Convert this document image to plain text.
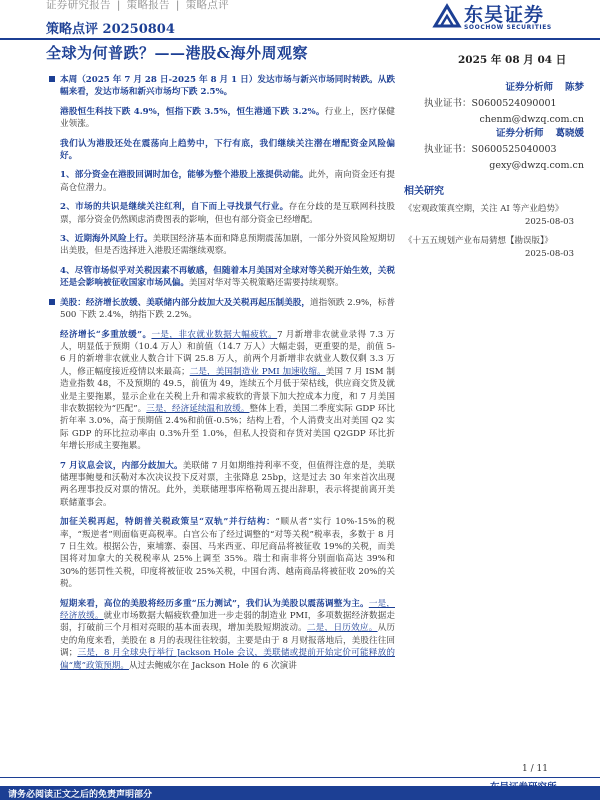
证券研究报告 | 策略报告 | 策略点评	东吴证券
SOOCHOW SECURITIES
策略点评 20250804
全球为何普跌？——港股&海外周观察	2025 年 08 月 04 日
证券分析师 陈梦
执业证书：S0600524090001
chenm@dwzq.com.cn
证券分析师 葛晓媛
执业证书：S0600525040003
gexy@dwzq.com.cn
相关研究
《宏观政策真空期，关注 AI 等产业趋势》
2025-08-03
《十五五规划产业布局猜想【勘误版】》
2025-08-03
本周（2025 年 7 月 28 日-2025 年 8 月 1 日）发达市场与新兴市场同时转跌。从跌幅来看，发达市场和新兴市场均下跌 2.5%。
港股恒生科技下跌 4.9%，恒指下跌 3.5%，恒生港通下跌 3.2%。行业上，医疗保健业领涨。
我们认为港股还处在震荡向上趋势中，下行有底，我们继续关注潜在增配资金风险偏好。
1、部分资金在港股回调时加仓，能够为整个港股上涨提供动能。此外，南向资金还有提高仓位潜力。
2、市场的共识是继续关注红利，自下而上寻找景气行业。存在分歧的是互联网科技股票，部分资金仍然顾虑消费图表的影响，但也有部分资金已经增配。
3、近期海外风险上行。美联国经济基本面和降息预期震荡加剧，一部分外资风险短期切出美股，但是否选择进入港股还需继续观察。
4、尽管市场似乎对关税因素不再敏感，但随着本月美国对全球对等关税开始生效，关税还是会影响被征收国家市场风偏。美国对华对等关税策略还需要持续观察。
美股：经济增长放缓、美联储内部分歧加大及关税再起压制美股，道指领跌 2.9%，标普 500 下跌 2.4%，纳指下跌 2.2%。
经济增长“多重放缓”。一是，非农就业数据大幅疲软。7 月新增非农就业录得 7.3 万人，明显低于预期（10.4 万人）和前值（14.7 万人）大幅走弱，更重要的是，前值 5-6 月的新增非农就业人数合计下调 25.8 万人，前两个月新增非农就业人数仅剩 3.3 万人，修正幅度接近疫情以来最高；二是，美国制造业 PMI 加速收缩。美国 7 月 ISM 制造业指数 48，不及预期的 49.5，前值为 49，连续五个月低于荣枯线，供应商交货及就业是主要拖累，显示企业在关税上升和需求疲软的背景下加大控成本力度，和 7 月美国非农数据较为“匹配”。三是，经济延续温和放缓。整体上看，美国二季度实际 GDP 环比折年率 3.0%，高于预期值 2.4%和前值-0.5%；结构上看，个人消费支出对美国 Q2 实际 GDP 的环比拉动率由 0.3%升至 1.0%，但私人投资和存货对美国 Q2GDP 环比折年增长形成主要拖累。
7 月议息会议，内部分歧加大。美联储 7 月如期维持利率不变，但值得注意的是，美联储理事鲍曼和沃勒对本次决议投下反对票，主张降息 25bp，这是过去 30 年来首次出现两名理事投反对票的情况。此外，美联储理事库格勒周五提出辞职，表示将提前离开美联储董事会。
加征关税再起，特朗普关税政策呈“双轨”并行结构：“顺从者”实行 10%-15%的税率，“叛逆者”则面临更高税率。白宫公布了经过调整的“对等关税”税率表，多数于 8 月 7 日生效。根据公告，柬埔寨、泰国、马来西亚、印尼商品将被征收 19%的关税，而美国将对加拿大的关税税率从 25%上调至 35%。瑞士和南非将分别面临高达 39%和 30%的惩罚性关税，印度将被征收 25%关税，中国台湾、越南商品将被征收 20%的关税。
短期来看，高位的美股将经历多重“压力测试”，我们认为美股以震荡调整为主。一是，经济放缓。就业市场数据大幅疲软叠加进一步走弱的制造业 PMI，多项数据经济数据走弱，打破前三个月相对亮眼的基本面表现，增加美股短期波动。二是，日历效应。从历史的角度来看，美股在 8 月的表现往往较弱，主要是由于 8 月财报落地后，美股往往回调；三是，8 月全球央行举行 Jackson Hole 会议，美联储或提前开始定价可能释放的偏“鹰”政策预期。从过去鲍威尔在 Jackson Hole 的 6 次演讲
1 / 11
请务必阅读正文之后的免责声明部分
